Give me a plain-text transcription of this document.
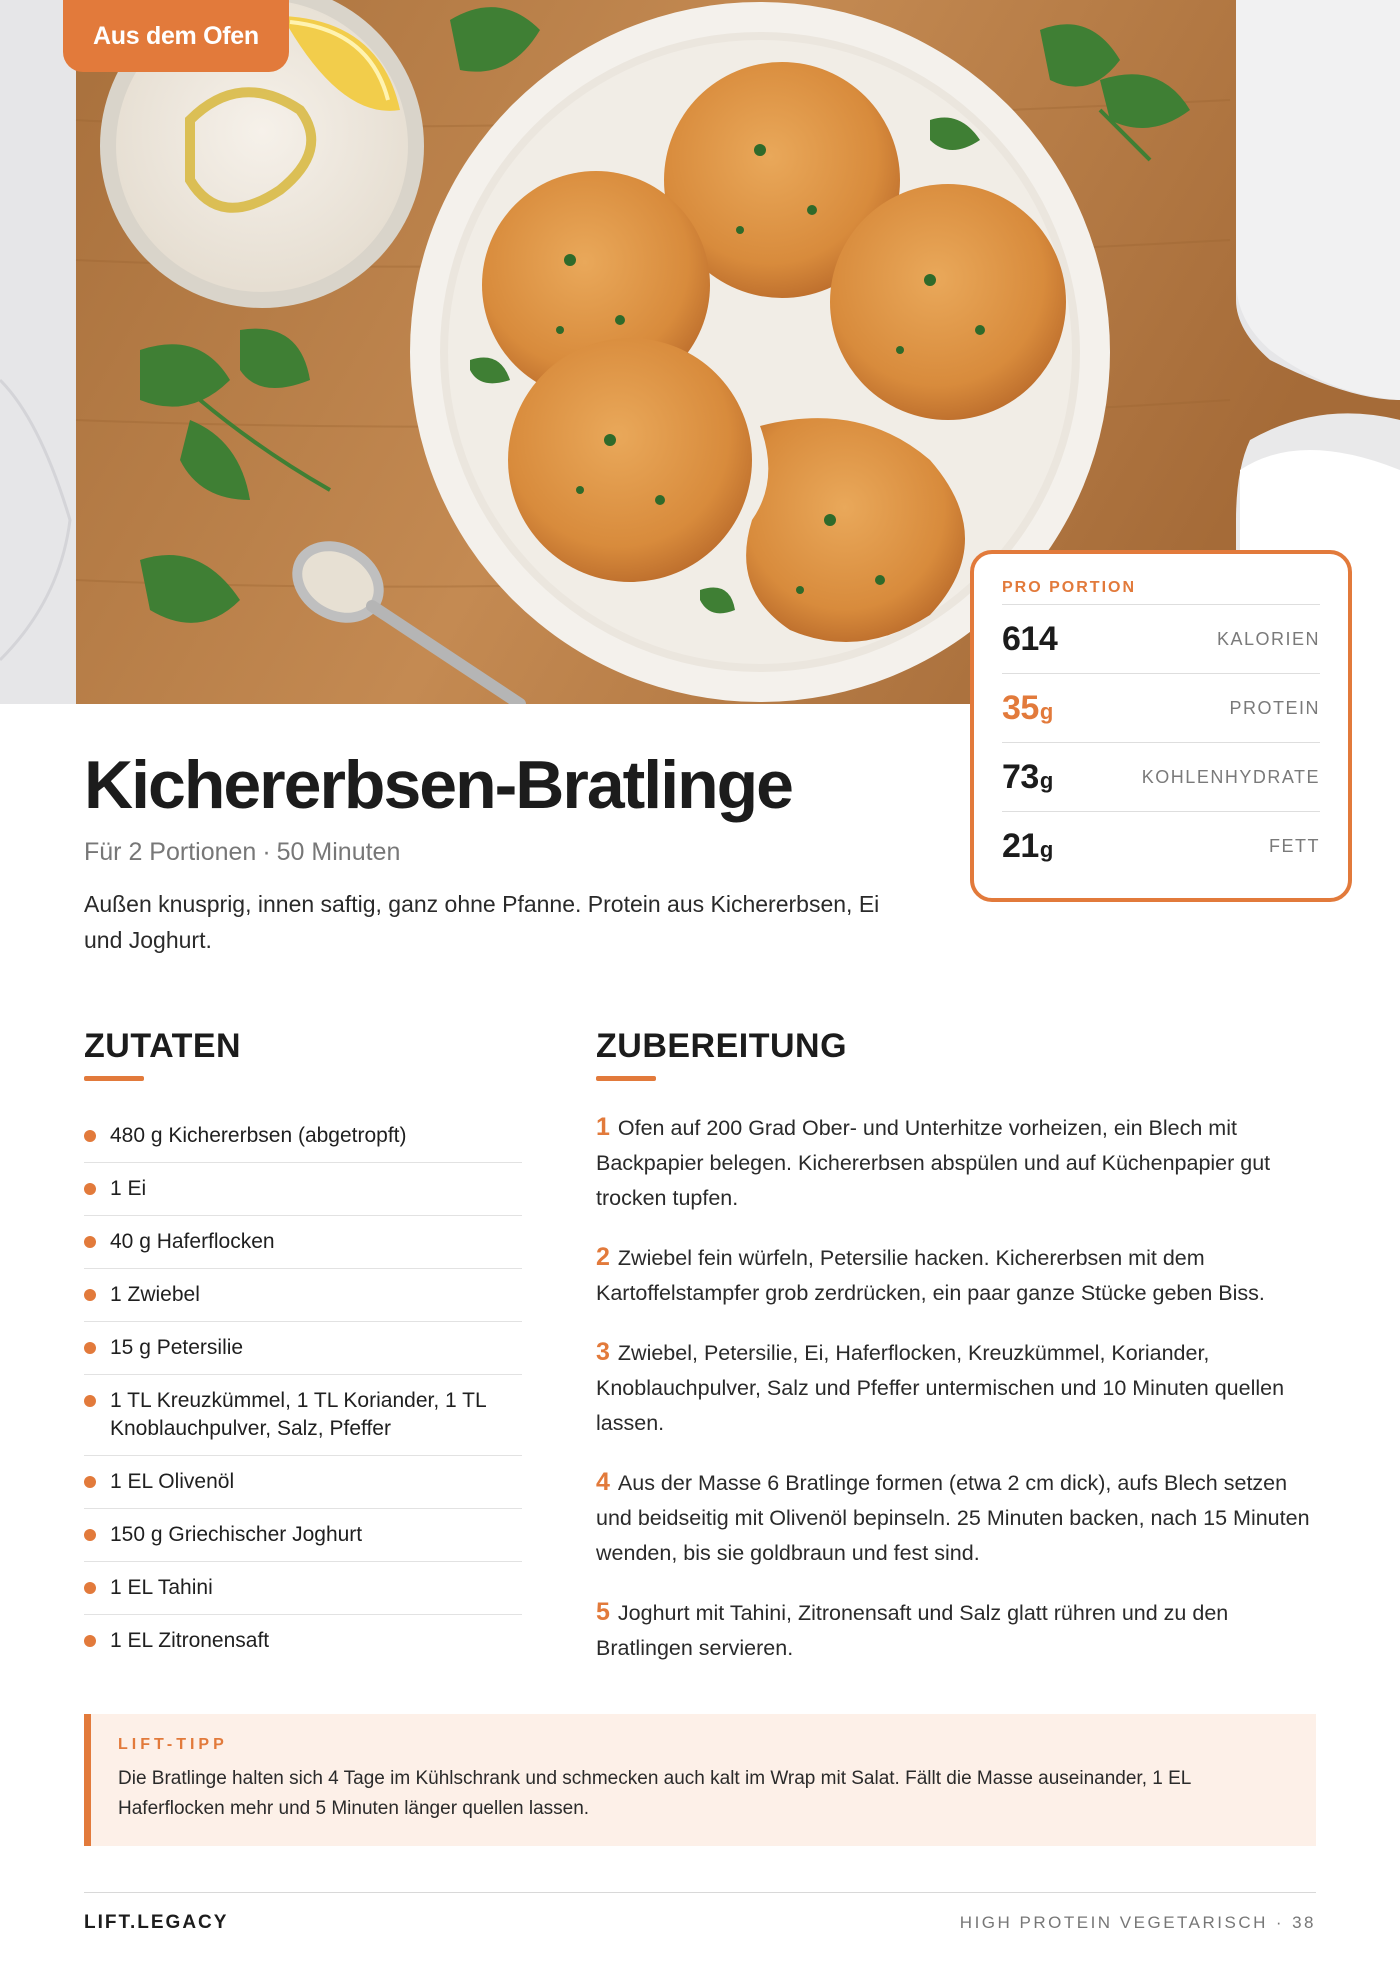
Aus dem Ofen
PRO PORTION
614	KALORIEN
35g	PROTEIN
73g	KOHLENHYDRATE
21g	FETT
Kichererbsen-Bratlinge
Für 2 Portionen · 50 Minuten
Außen knusprig, innen saftig, ganz ohne Pfanne. Protein aus Kichererbsen, Ei und Joghurt.
ZUTATEN
480 g Kichererbsen (abgetropft)
1 Ei
40 g Haferflocken
1 Zwiebel
15 g Petersilie
1 TL Kreuzkümmel, 1 TL Koriander, 1 TL Knoblauchpulver, Salz, Pfeffer
1 EL Olivenöl
150 g Griechischer Joghurt
1 EL Tahini
1 EL Zitronensaft
ZUBEREITUNG
1 Ofen auf 200 Grad Ober- und Unterhitze vorheizen, ein Blech mit Backpapier belegen. Kichererbsen abspülen und auf Küchenpapier gut trocken tupfen.
2 Zwiebel fein würfeln, Petersilie hacken. Kichererbsen mit dem Kartoffelstampfer grob zerdrücken, ein paar ganze Stücke geben Biss.
3 Zwiebel, Petersilie, Ei, Haferflocken, Kreuzkümmel, Koriander, Knoblauchpulver, Salz und Pfeffer untermischen und 10 Minuten quellen lassen.
4 Aus der Masse 6 Bratlinge formen (etwa 2 cm dick), aufs Blech setzen und beidseitig mit Olivenöl bepinseln. 25 Minuten backen, nach 15 Minuten wenden, bis sie goldbraun und fest sind.
5 Joghurt mit Tahini, Zitronensaft und Salz glatt rühren und zu den Bratlingen servieren.
LIFT-TIPP
Die Bratlinge halten sich 4 Tage im Kühlschrank und schmecken auch kalt im Wrap mit Salat. Fällt die Masse auseinander, 1 EL Haferflocken mehr und 5 Minuten länger quellen lassen.
LIFT.LEGACY	HIGH PROTEIN VEGETARISCH · 38
